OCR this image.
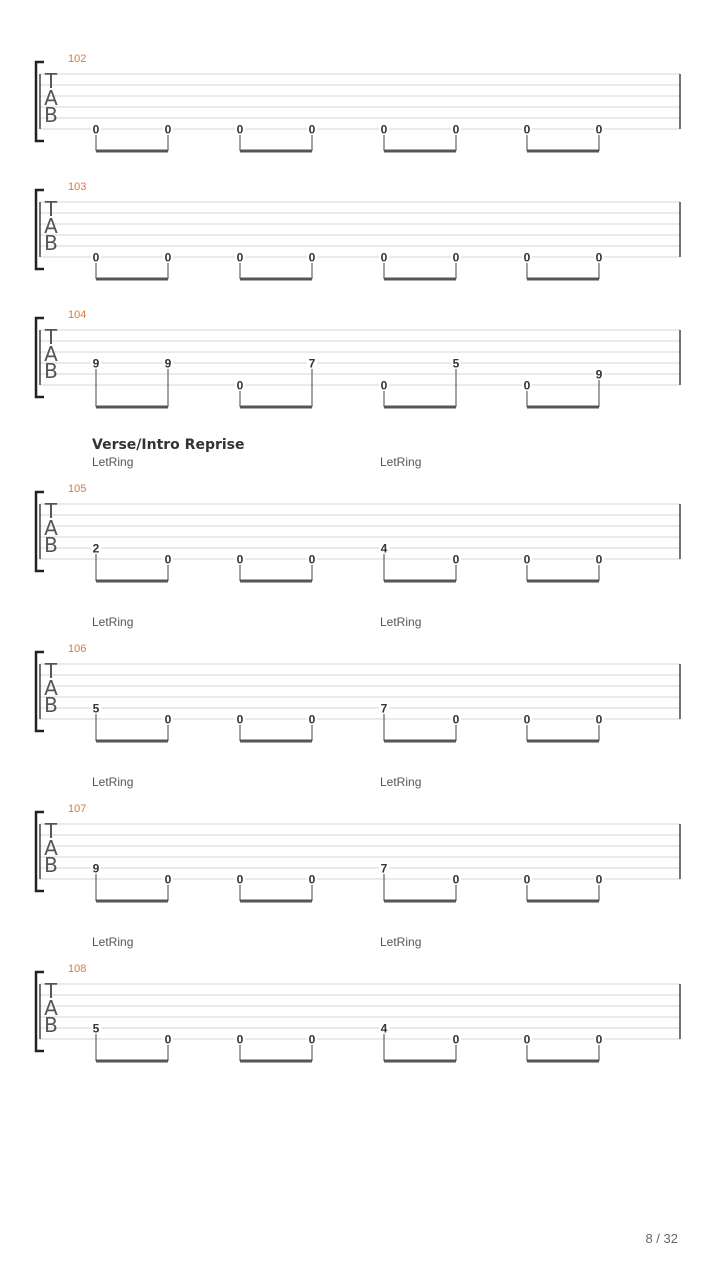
T
A
B
102
0	0	0	0	0	0	0	0
T
A
B
103
0	0	0	0	0	0	0	0
T
A
B
104
9	9
0
7
0
5
0
9
T
A
B
105
LetRing	LetRing
2
0	0	0
4
0	0	0
T
A
B
106
LetRing	LetRing
5
0	0	0
7
0	0	0
T
A
B
107
LetRing	LetRing
9
0	0	0
7
0	0	0
T
A
B
108
LetRing	LetRing
5
0	0	0
4
0	0	0
Verse/Intro Reprise
8 / 32
